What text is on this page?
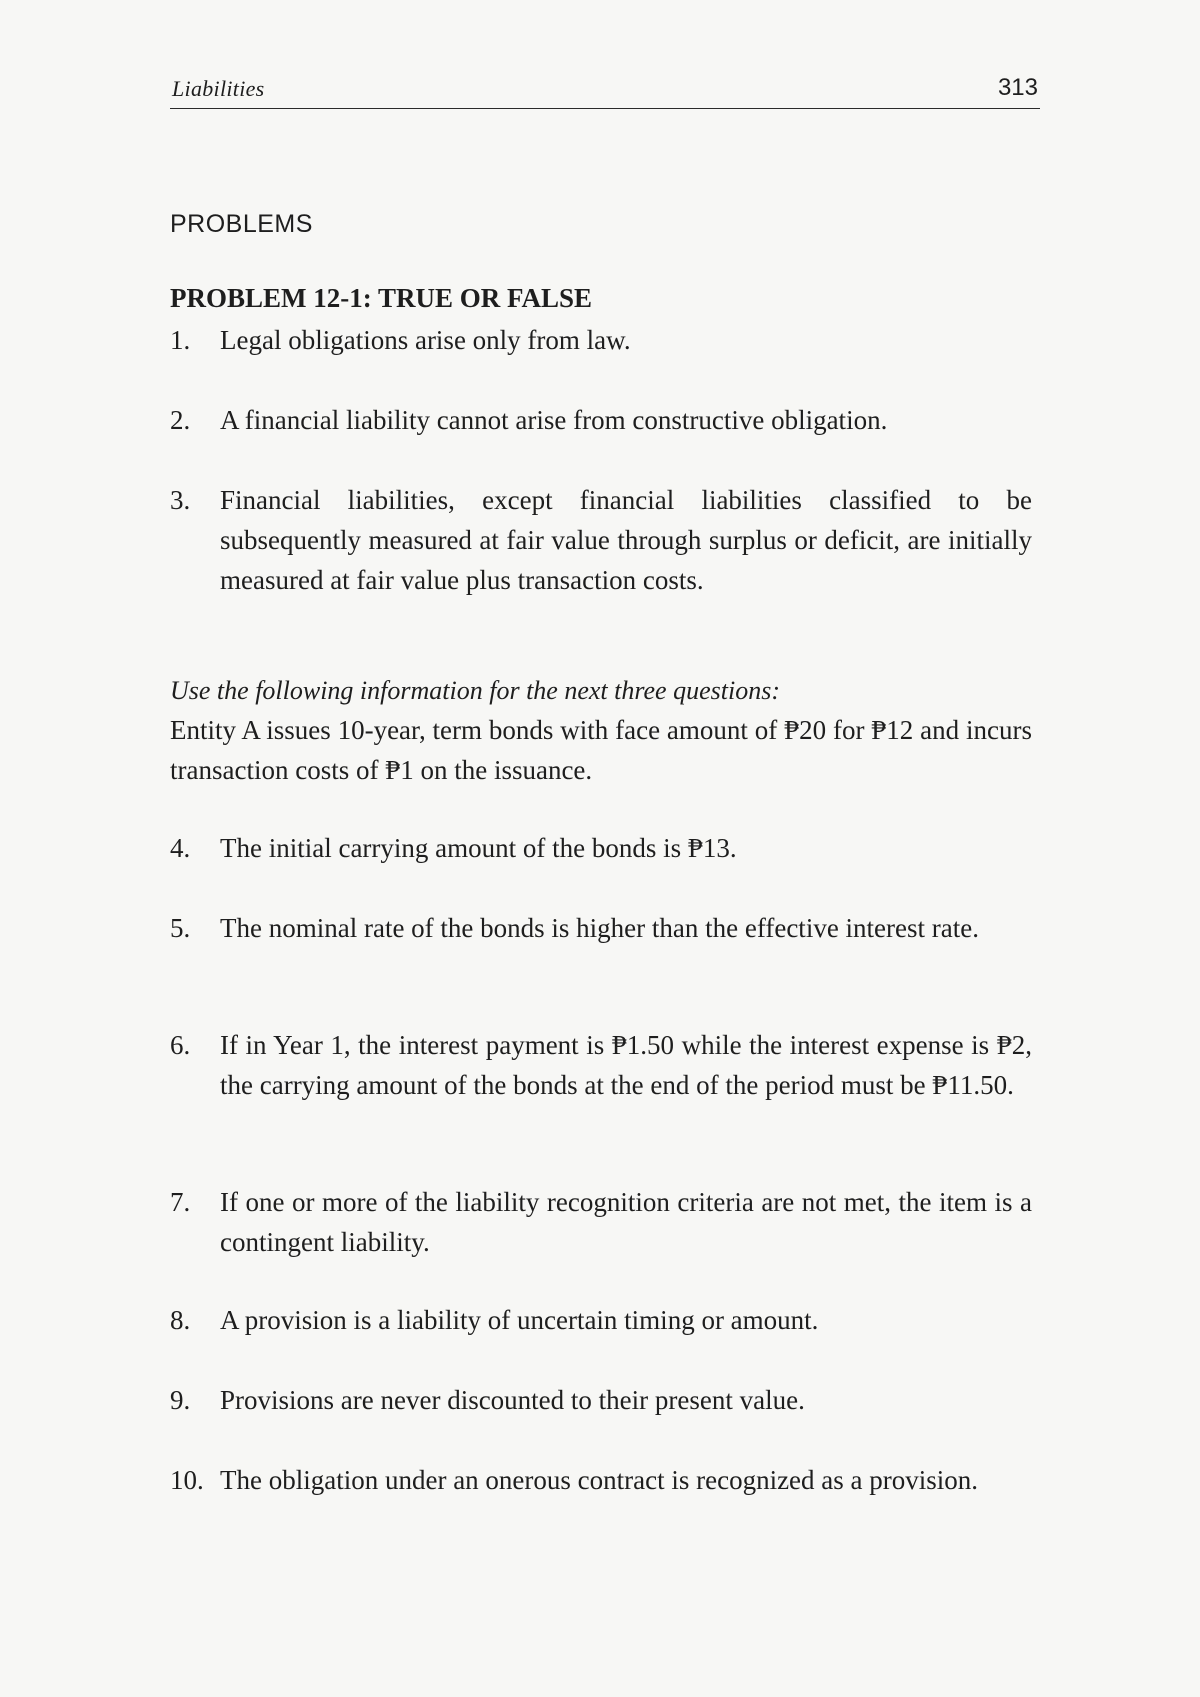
Liabilities	313
PROBLEMS
PROBLEM 12-1: TRUE OR FALSE
1. Legal obligations arise only from law.
2. A financial liability cannot arise from constructive obligation.
3. Financial liabilities, except financial liabilities classified to be subsequently measured at fair value through surplus or deficit, are initially measured at fair value plus transaction costs.
Use the following information for the next three questions:
Entity A issues 10-year, term bonds with face amount of ₱20 for ₱12 and incurs transaction costs of ₱1 on the issuance.
4. The initial carrying amount of the bonds is ₱13.
5. The nominal rate of the bonds is higher than the effective interest rate.
6. If in Year 1, the interest payment is ₱1.50 while the interest expense is ₱2, the carrying amount of the bonds at the end of the period must be ₱11.50.
7. If one or more of the liability recognition criteria are not met, the item is a contingent liability.
8. A provision is a liability of uncertain timing or amount.
9. Provisions are never discounted to their present value.
10. The obligation under an onerous contract is recognized as a provision.
